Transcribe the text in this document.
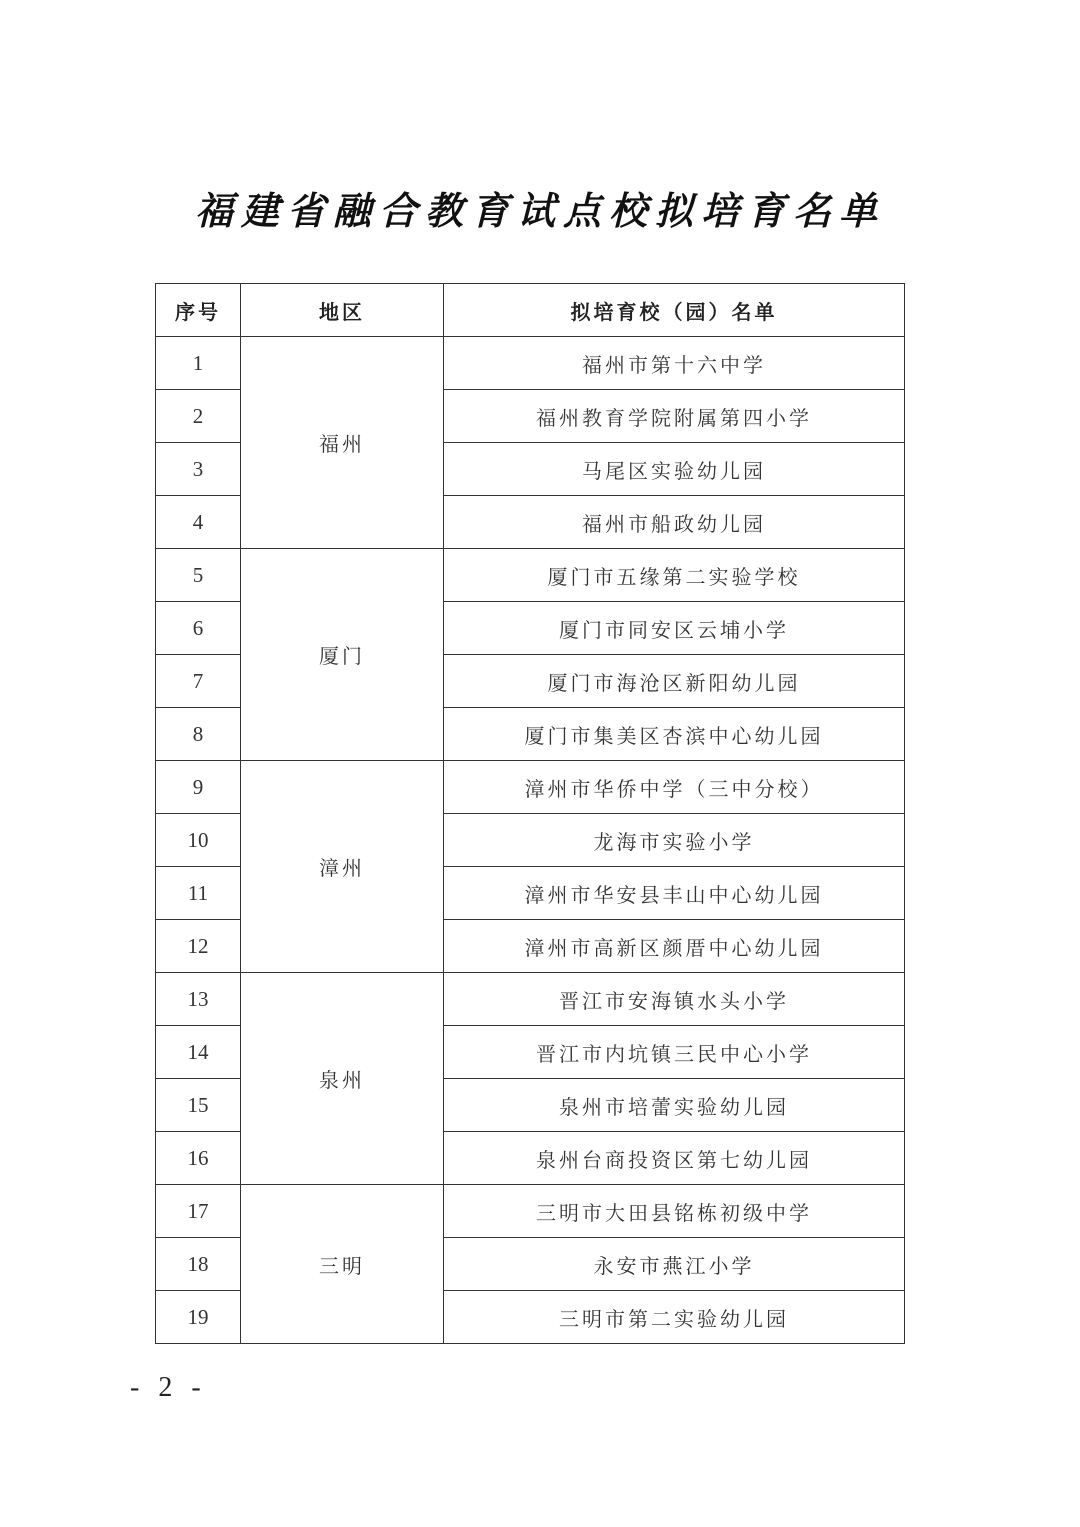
福建省融合教育试点校拟培育名单
序号	地区	拟培育校（园）名单
1	福州	福州市第十六中学
2		福州教育学院附属第四小学
3		马尾区实验幼儿园
4		福州市船政幼儿园
5	厦门	厦门市五缘第二实验学校
6		厦门市同安区云埔小学
7		厦门市海沧区新阳幼儿园
8		厦门市集美区杏滨中心幼儿园
9	漳州	漳州市华侨中学（三中分校）
10		龙海市实验小学
11		漳州市华安县丰山中心幼儿园
12		漳州市高新区颜厝中心幼儿园
13	泉州	晋江市安海镇水头小学
14		晋江市内坑镇三民中心小学
15		泉州市培蕾实验幼儿园
16		泉州台商投资区第七幼儿园
17	三明	三明市大田县铭栋初级中学
18		永安市燕江小学
19		三明市第二实验幼儿园
- 2 -
